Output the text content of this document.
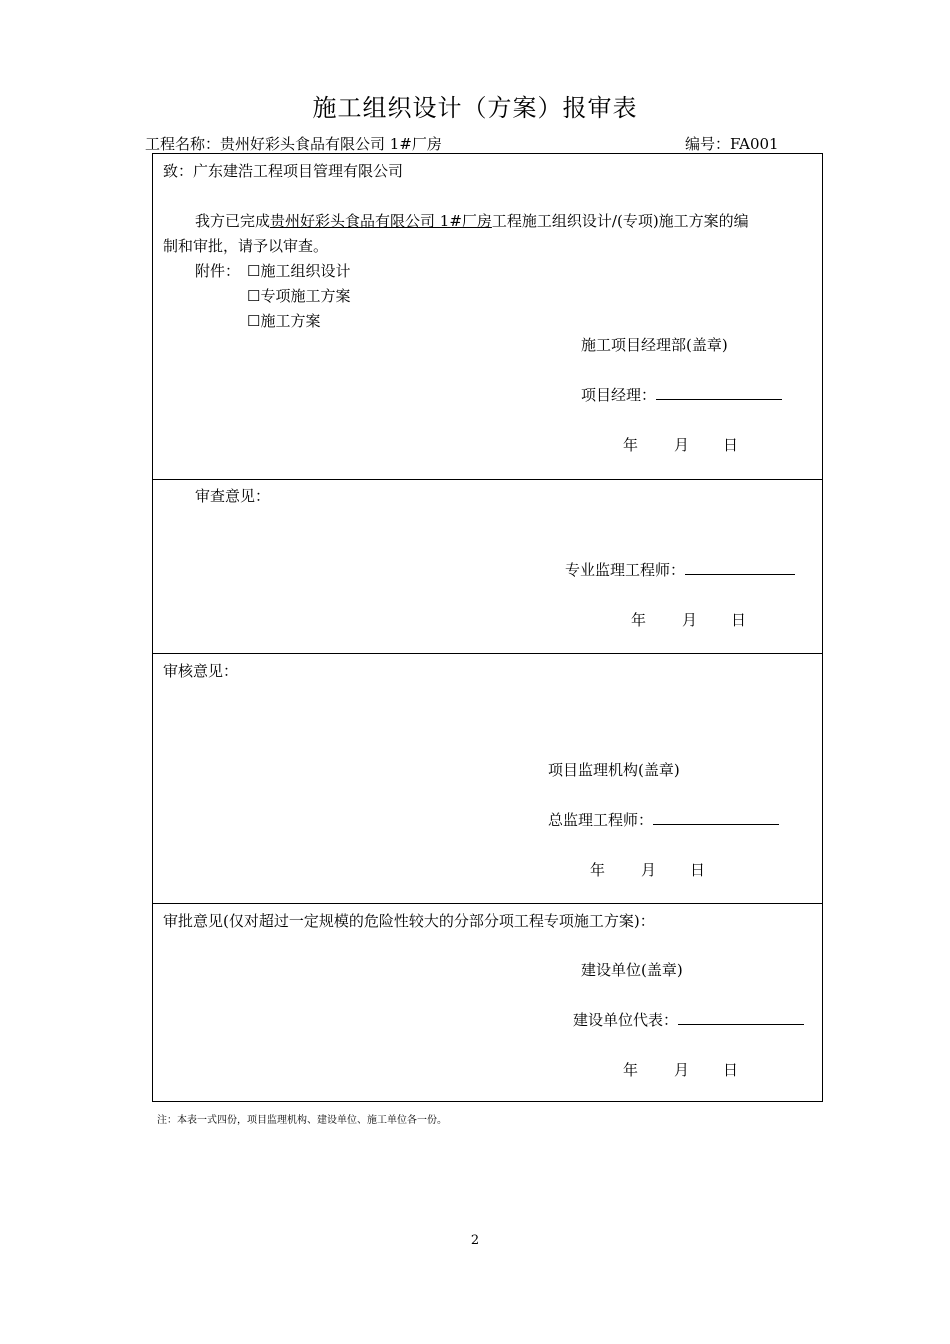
施工组织设计（方案）报审表
工程名称：贵州好彩头食品有限公司 1#厂房	编号：FA001
致：广东建浩工程项目管理有限公司
我方已完成贵州好彩头食品有限公司 1#厂房工程施工组织设计/(专项)施工方案的编
制和审批，请予以审查。
附件： ☐施工组织设计
☐专项施工方案
☐施工方案
施工项目经理部(盖章)
项目经理：
年 月 日
审查意见：
专业监理工程师：
年 月 日
审核意见：
项目监理机构(盖章)
总监理工程师：
年 月 日
审批意见(仅对超过一定规模的危险性较大的分部分项工程专项施工方案)：
建设单位(盖章)
建设单位代表：
年 月 日
注：本表一式四份，项目监理机构、建设单位、施工单位各一份。
2
